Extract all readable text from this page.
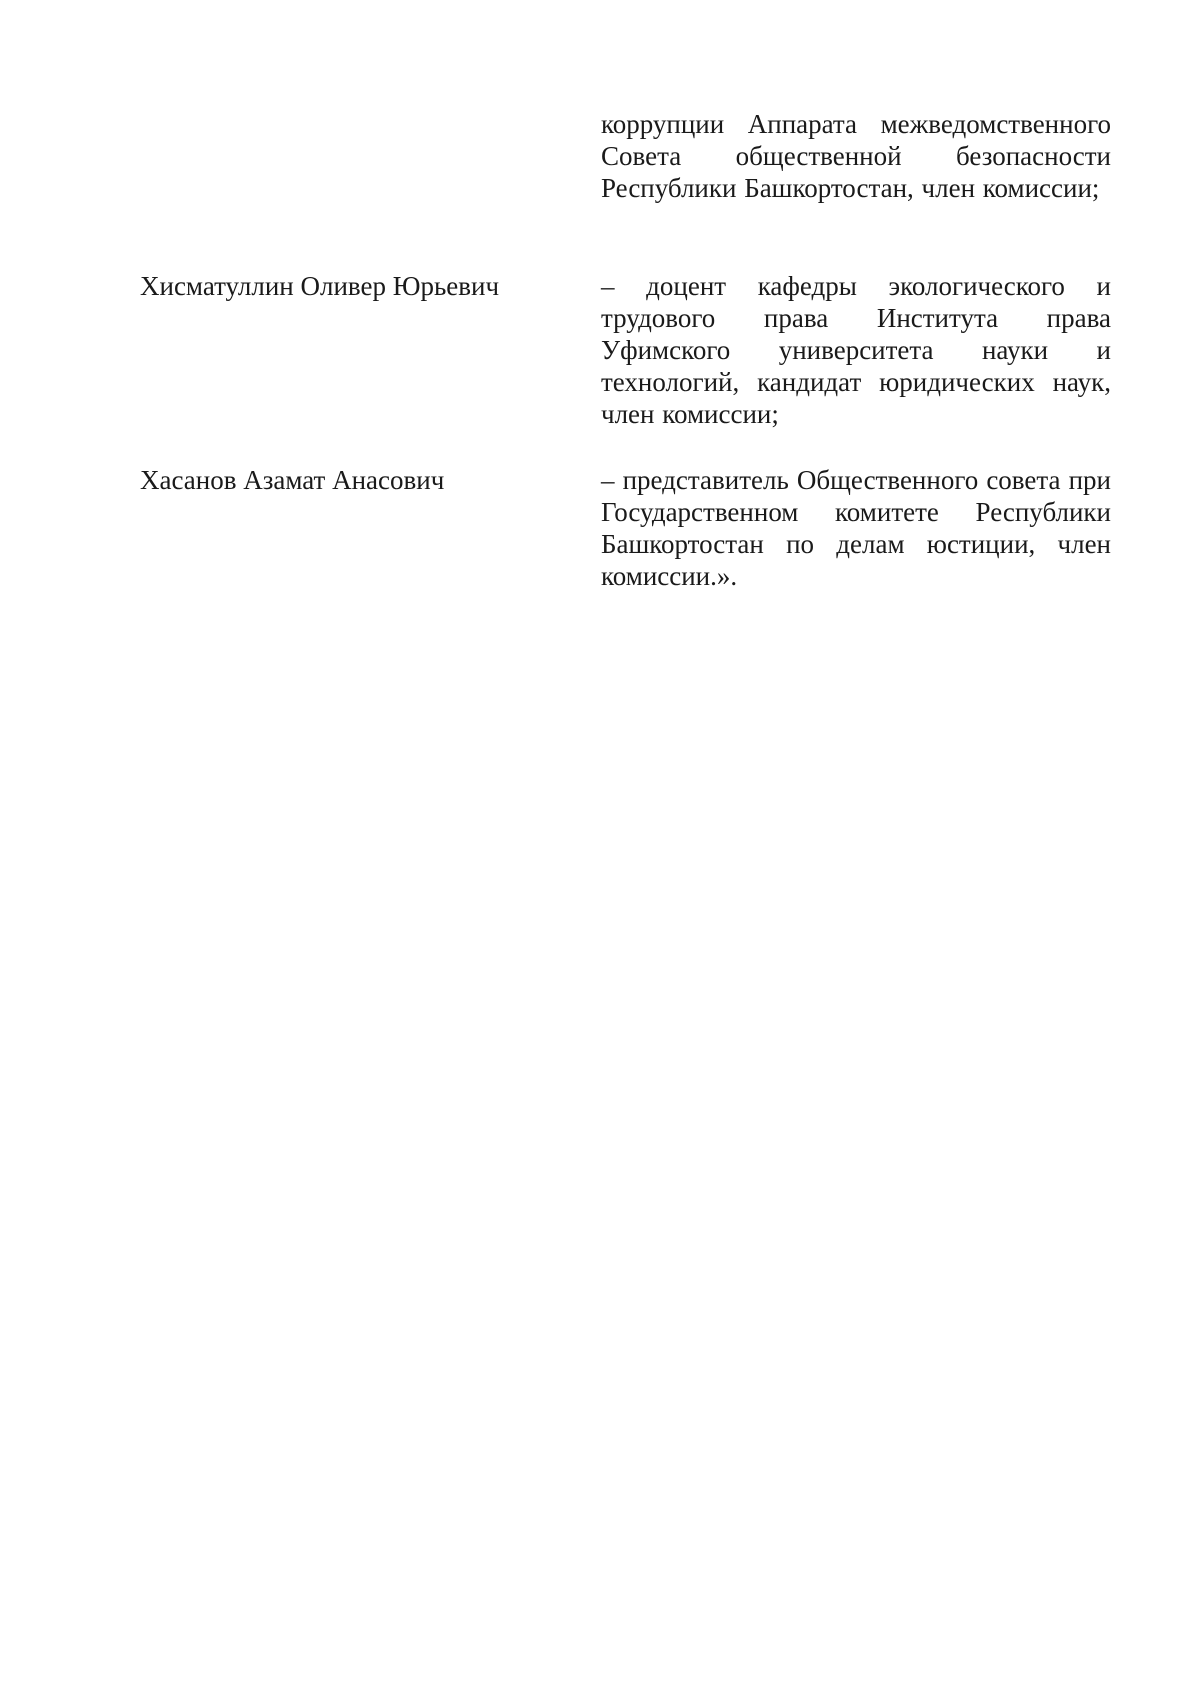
коррупции Аппарата межведомственного Совета общественной безопасности Республики Башкортостан, член комиссии;
Хисматуллин Оливер Юрьевич	– доцент кафедры экологического и трудового права Института права Уфимского университета науки и технологий, кандидат юридических наук, член комиссии;
Хасанов Азамат Анасович	– представитель Общественного совета при Государственном комитете Республики Башкортостан по делам юстиции, член комиссии.».
